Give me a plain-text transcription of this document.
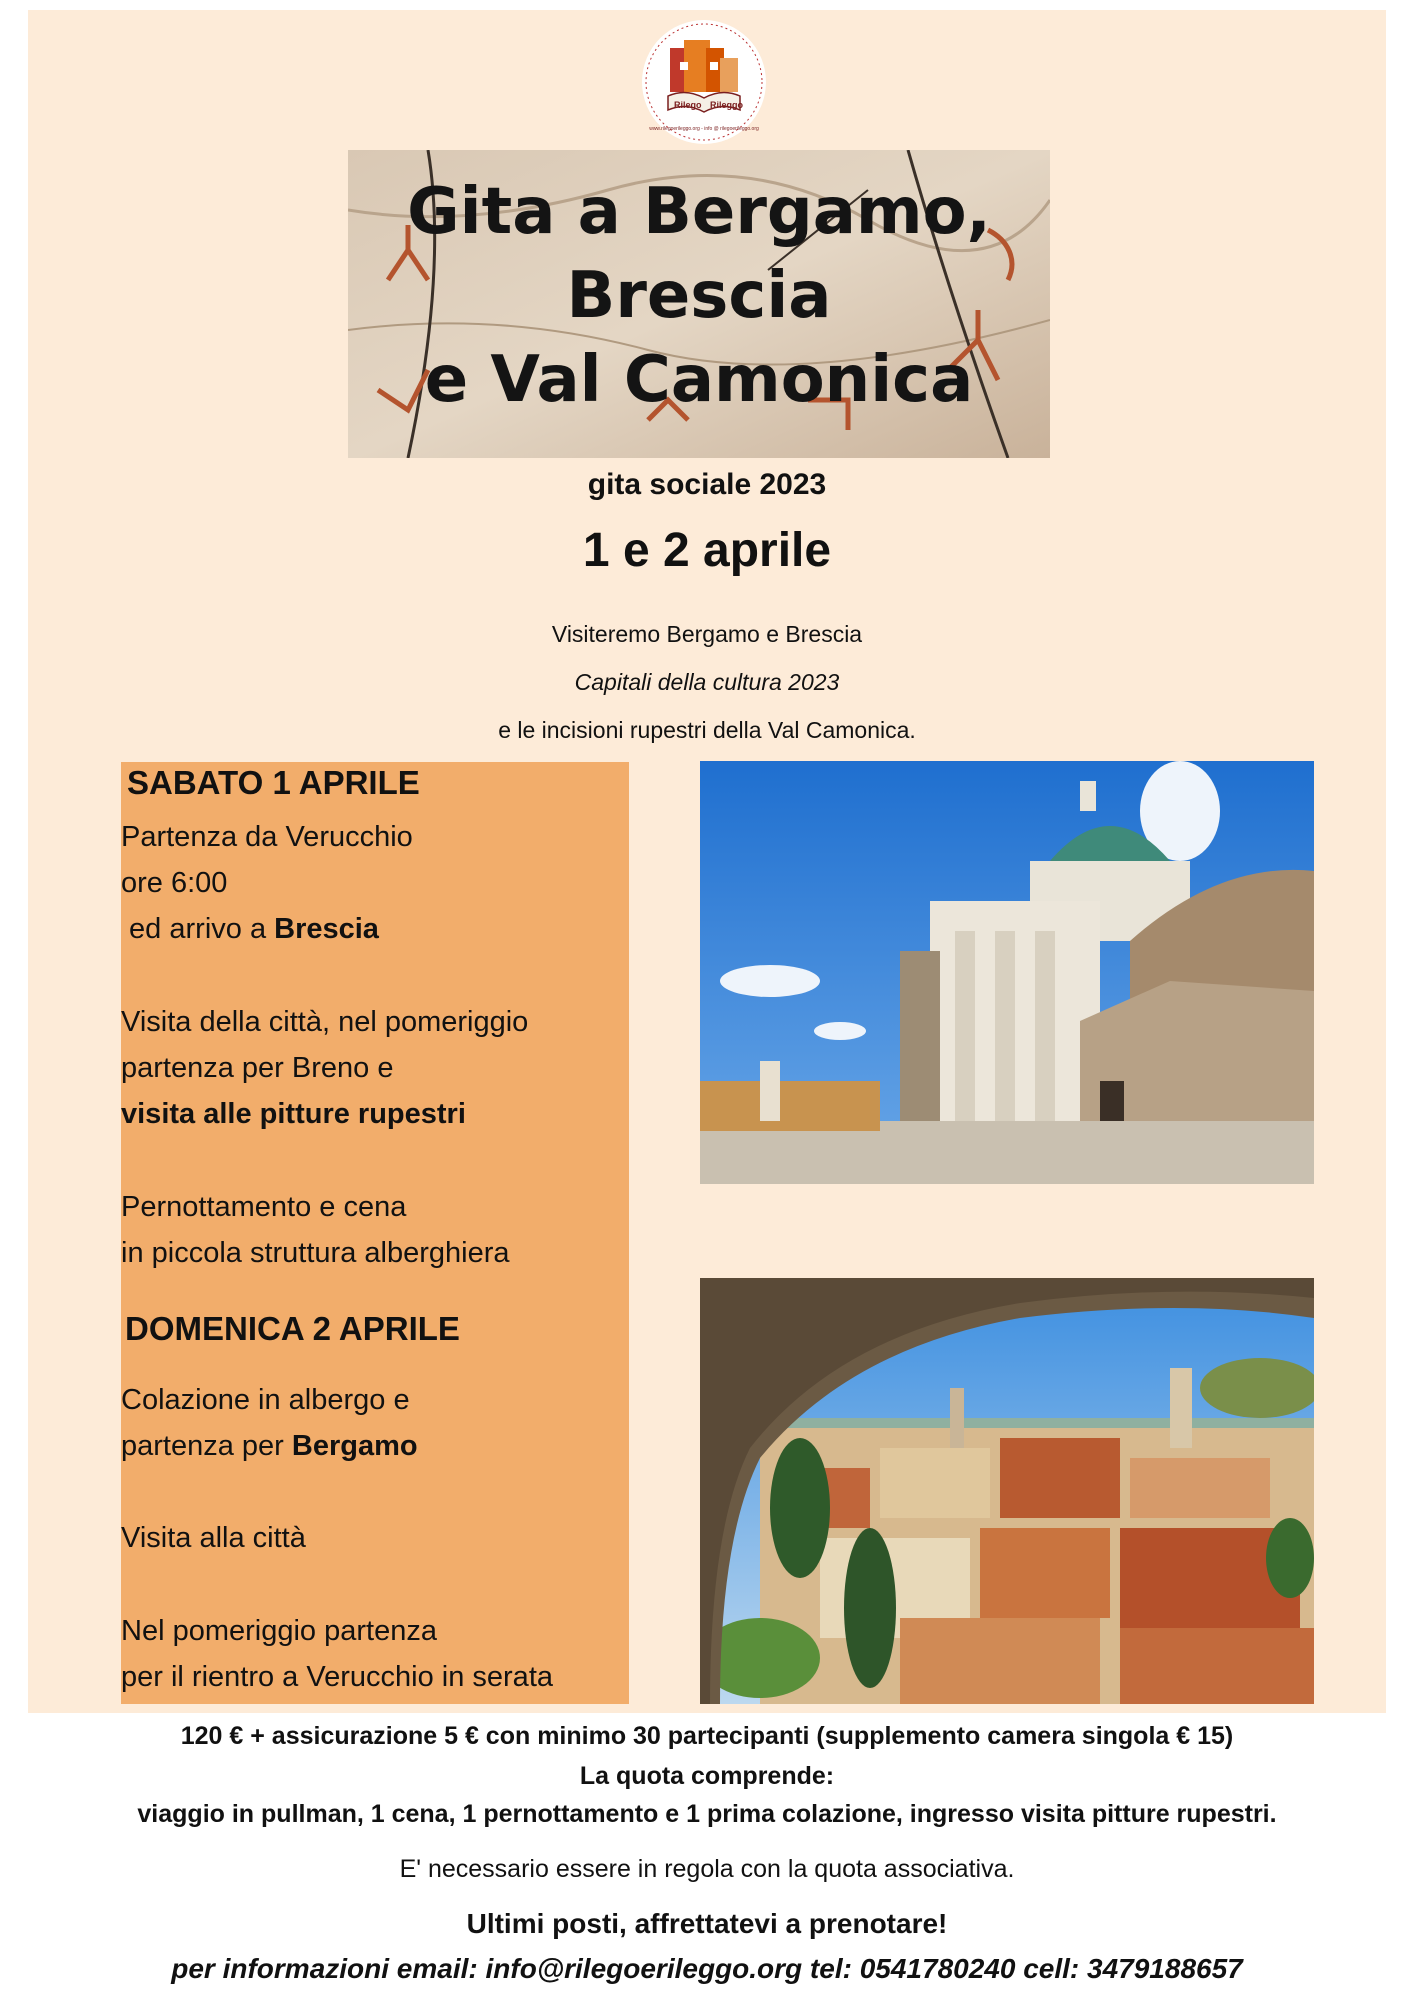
Rilego Rileggo
www.rilegoerileggo.org - info @ rilegoerileggo.org
Gita a Bergamo,
Brescia
e Val Camonica
gita sociale 2023
1 e 2 aprile
Visiteremo Bergamo e Brescia
Capitali della cultura 2023
e le incisioni rupestri della Val Camonica.
SABATO 1 APRILE
Partenza da Verucchio
ore 6:00
ed arrivo a Brescia
Visita della città, nel pomeriggio
partenza per Breno e
visita alle pitture rupestri
Pernottamento e cena
in piccola struttura alberghiera
DOMENICA 2 APRILE
Colazione in albergo e
partenza per Bergamo
Visita alla città
Nel pomeriggio partenza
per il rientro a Verucchio in serata
120 € + assicurazione 5 € con minimo 30 partecipanti (supplemento camera singola € 15)
La quota comprende:
viaggio in pullman, 1 cena, 1 pernottamento e 1 prima colazione, ingresso visita pitture rupestri.
E' necessario essere in regola con la quota associativa.
Ultimi posti, affrettatevi a prenotare!
per informazioni email: info@rilegoerileggo.org tel: 0541780240 cell: 3479188657
